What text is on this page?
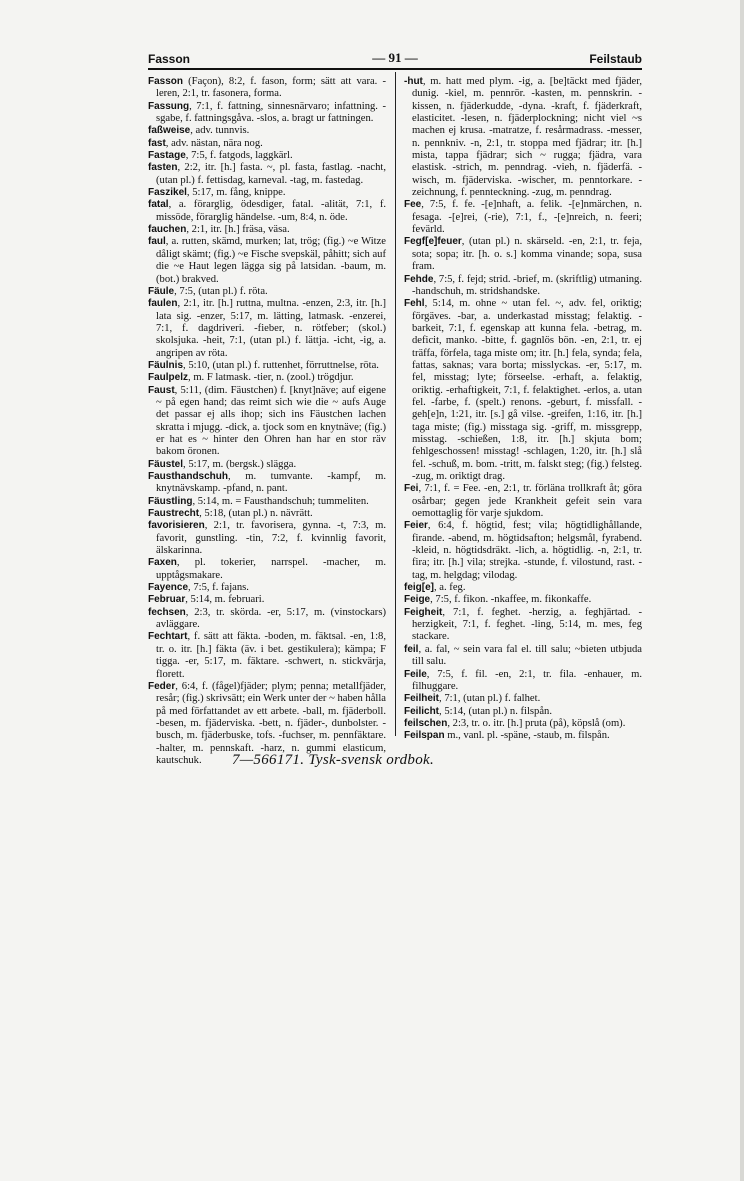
Fasson	— 91 —	Feilstaub

Fasson (Façon), 8:2, f. fason, form; sätt att vara. -leren, 2:1, tr. fasonera, forma.

Fassung, 7:1, f. fattning, sinnesnärvaro; infattning. -sgabe, f. fattningsgåva. -slos, a. bragt ur fattningen.

faßweise, adv. tunnvis.

fast, adv. nästan, nära nog.

Fastage, 7:5, f. fatgods, laggkärl.

fasten, 2:2, itr. [h.] fasta. ~, pl. fasta, fastlag. -nacht, (utan pl.) f. fettisdag, karneval. -tag, m. fastedag.

Faszikel, 5:17, m. fång, knippe.

fatal, a. förarglig, ödesdiger, fatal. -alität, 7:1, f. missöde, förarglig händelse. -um, 8:4, n. öde.

fauchen, 2:1, itr. [h.] fräsa, väsa.

faul, a. rutten, skämd, murken; lat, trög; (fig.) ~e Witze dåligt skämt; (fig.) ~e Fische svepskäl, påhitt; sich auf die ~e Haut legen lägga sig på latsidan. -baum, m. (bot.) brakved.

Fäule, 7:5, (utan pl.) f. röta.

faulen, 2:1, itr. [h.] ruttna, multna. -enzen, 2:3, itr. [h.] lata sig. -enzer, 5:17, m. lätting, latmask. -enzerei, 7:1, f. dagdriveri. -fieber, n. rötfeber; (skol.) skolsjuka. -heit, 7:1, (utan pl.) f. lättja. -icht, -ig, a. angripen av röta.

Fäulnis, 5:10, (utan pl.) f. ruttenhet, förruttnelse, röta.

Faulpelz, m. F latmask. -tier, n. (zool.) trögdjur.

Faust, 5:11, (dim. Fäustchen) f. [knyt]näve; auf eigene ~ på egen hand; das reimt sich wie die ~ aufs Auge det passar ej alls ihop; sich ins Fäustchen lachen skratta i mjugg. -dick, a. tjock som en knytnäve; (fig.) er hat es ~ hinter den Ohren han har en stor räv bakom öronen.

Fäustel, 5:17, m. (bergsk.) slägga.

Fausthandschuh, m. tumvante. -kampf, m. knytnävskamp. -pfand, n. pant.

Fäustling, 5:14, m. = Fausthandschuh; tummeliten.

Faustrecht, 5:18, (utan pl.) n. nävrätt.

favorisieren, 2:1, tr. favorisera, gynna. -t, 7:3, m. favorit, gunstling. -tin, 7:2, f. kvinnlig favorit, älskarinna.

Faxen, pl. tokerier, narrspel. -macher, m. upptågsmakare.

Fayence, 7:5, f. fajans.

Februar, 5:14, m. februari.

fechsen, 2:3, tr. skörda. -er, 5:17, m. (vinstockars) avläggare.

Fechtart, f. sätt att fäkta. -boden, m. fäktsal. -en, 1:8, tr. o. itr. [h.] fäkta (äv. i bet. gestikulera); kämpa; F tigga. -er, 5:17, m. fäktare. -schwert, n. stickvärja, florett.

Feder, 6:4, f. (fågel)fjäder; plym; penna; metallfjäder, resår; (fig.) skrivsätt; ein Werk unter der ~ haben hålla på med författandet av ett arbete. -ball, m. fjäderboll. -besen, m. fjäderviska. -bett, n. fjäder-, dunbolster. -busch, m. fjäderbuske, tofs. -fuchser, m. pennfäktare. -halter, m. pennskaft. -harz, n. gummi elasticum, kautschuk.

-hut, m. hatt med plym. -ig, a. [be]täckt med fjäder, dunig. -kiel, m. pennrör. -kasten, m. pennskrin. -kissen, n. fjäderkudde, -dyna. -kraft, f. fjäderkraft, elasticitet. -lesen, n. fjäderplockning; nicht viel ~s machen ej krusa. -matratze, f. resårmadrass. -messer, n. pennkniv. -n, 2:1, tr. stoppa med fjädrar; itr. [h.] mista, tappa fjädrar; sich ~ rugga; fjädra, vara elastisk. -strich, m. penndrag. -vieh, n. fjäderfä. -wisch, m. fjäderviska. -wischer, m. penntorkare. -zeichnung, f. pennteckning. -zug, m. penndrag.

Fee, 7:5, f. fe. -[e]nhaft, a. felik. -[e]nmärchen, n. fesaga. -[e]rei, (-rie), 7:1, f., -[e]nreich, n. feeri; fevärld.

Fegf[e]feuer, (utan pl.) n. skärseld. -en, 2:1, tr. feja, sota; sopa; itr. [h. o. s.] komma vinande; sopa, susa fram.

Fehde, 7:5, f. fejd; strid. -brief, m. (skriftlig) utmaning. -handschuh, m. stridshandske.

Fehl, 5:14, m. ohne ~ utan fel. ~, adv. fel, oriktig; förgäves. -bar, a. underkastad misstag; felaktig. -barkeit, 7:1, f. egenskap att kunna fela. -betrag, m. deficit, manko. -bitte, f. gagnlös bön. -en, 2:1, tr. ej träffa, förfela, taga miste om; itr. [h.] fela, synda; fela, fattas, saknas; vara borta; misslyckas. -er, 5:17, m. fel, misstag; lyte; förseelse. -erhaft, a. felaktig, oriktig. -erhaftigkeit, 7:1, f. felaktighet. -erlos, a. utan fel. -farbe, f. (spelt.) renons. -geburt, f. missfall. -geh[e]n, 1:21, itr. [s.] gå vilse. -greifen, 1:16, itr. [h.] taga miste; (fig.) misstaga sig. -griff, m. missgrepp, misstag. -schießen, 1:8, itr. [h.] skjuta bom; fehlgeschossen! misstag! -schlagen, 1:20, itr. [h.] slå fel. -schuß, m. bom. -tritt, m. falskt steg; (fig.) felsteg. -zug, m. oriktigt drag.

Fei, 7:1, f. = Fee. -en, 2:1, tr. förläna trollkraft åt; göra osårbar; gegen jede Krankheit gefeit sein vara oemottaglig för varje sjukdom.

Feier, 6:4, f. högtid, fest; vila; högtidlighållande, firande. -abend, m. högtidsafton; helgsmål, fyrabend. -kleid, n. högtidsdräkt. -lich, a. högtidlig. -n, 2:1, tr. fira; itr. [h.] vila; strejka. -stunde, f. vilostund, rast. -tag, m. helgdag; vilodag.

feig[e], a. feg.

Feige, 7:5, f. fikon. -nkaffee, m. fikonkaffe.

Feigheit, 7:1, f. feghet. -herzig, a. feghjärtad. -herzigkeit, 7:1, f. feghet. -ling, 5:14, m. mes, feg stackare.

feil, a. fal, ~ sein vara fal el. till salu; ~bieten utbjuda till salu.

Feile, 7:5, f. fil. -en, 2:1, tr. fila. -enhauer, m. filhuggare.

Feilheit, 7:1, (utan pl.) f. falhet.

Feilicht, 5:14, (utan pl.) n. filspån.

feilschen, 2:3, tr. o. itr. [h.] pruta (på), köpslå (om).

Feilspan m., vanl. pl. -späne, -staub, m. filspån.

7—566171. Tysk-svensk ordbok.
